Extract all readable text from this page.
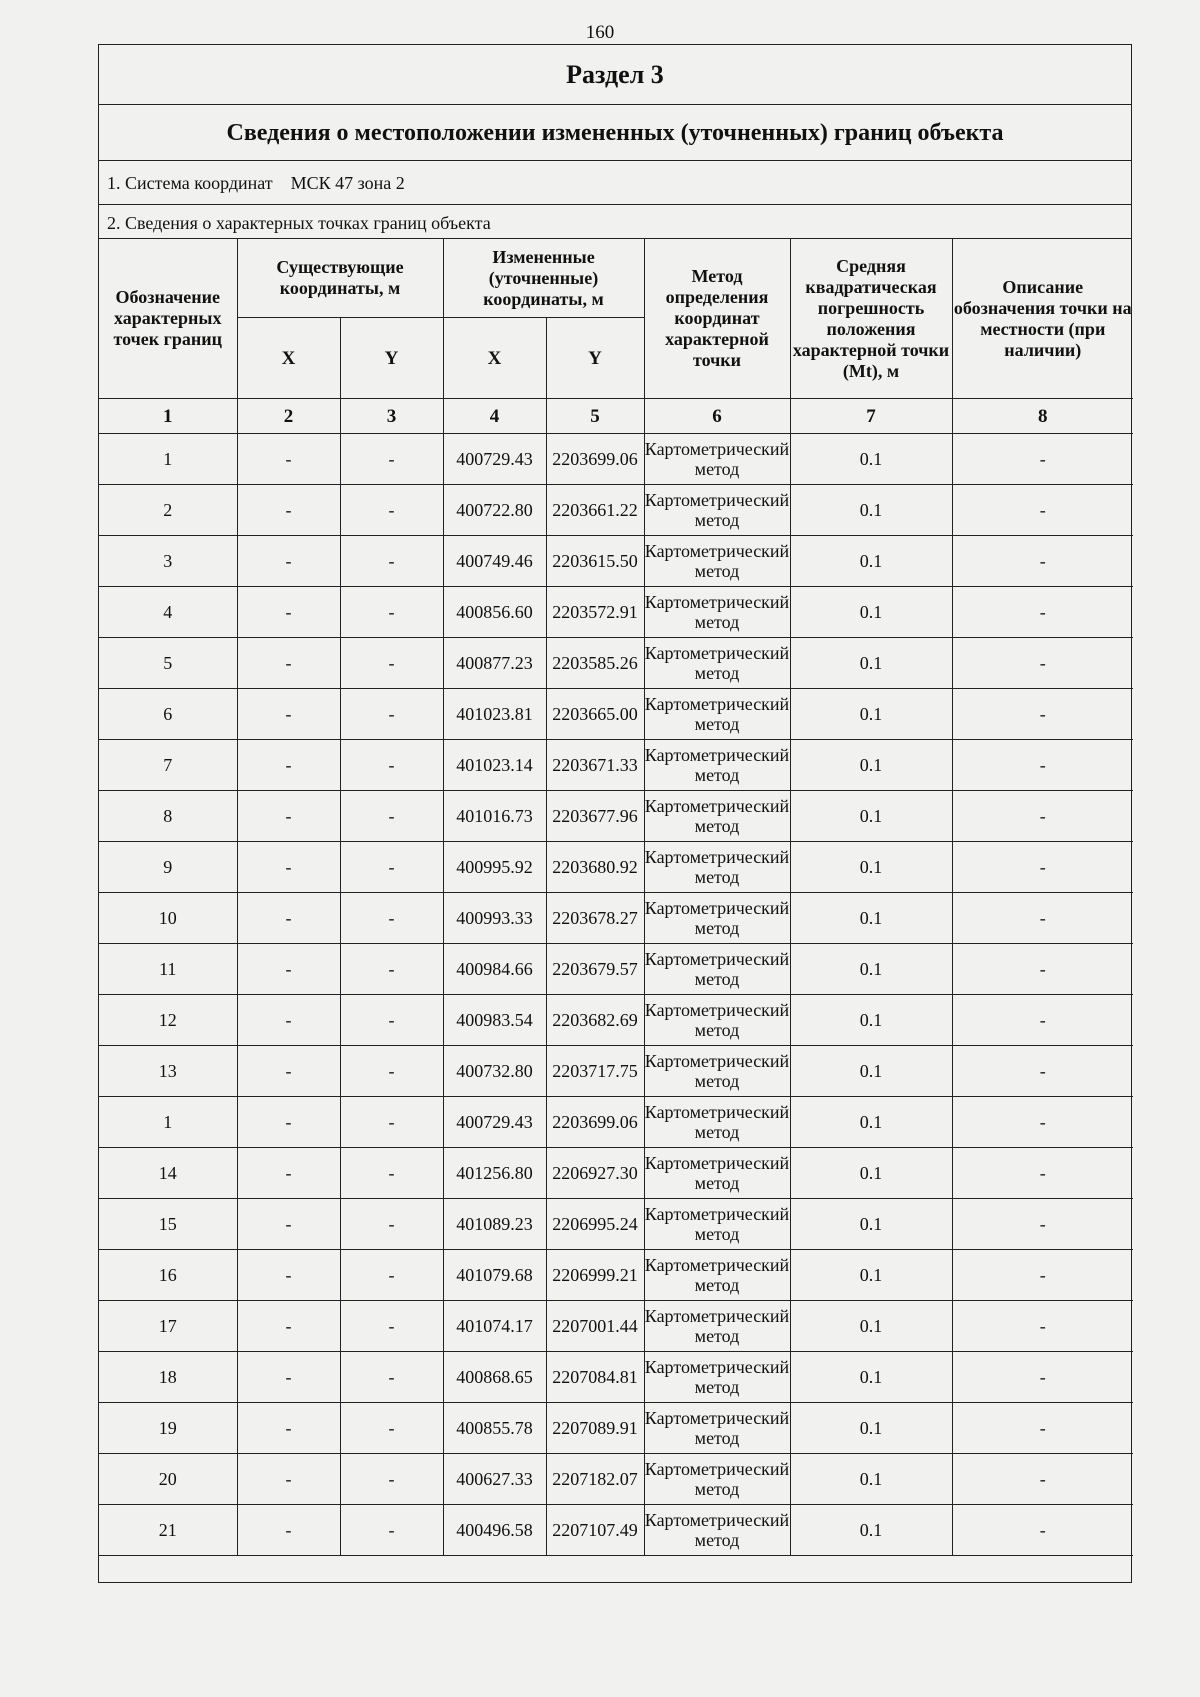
160
Раздел 3
Сведения о местоположении измененных (уточненных) границ объекта
1. Система координат МСК 47 зона 2
2. Сведения о характерных точках границ объекта
Обозначение характерных точек границ	Существующие координаты, м		Измененные (уточненные) координаты, м		Метод определения координат характерной точки	Средняя квадратическая погрешность положения характерной точки (Mt), м	Описание обозначения точки на местности (при наличии)
	X	Y	X	Y			
1	2	3	4	5	6	7	8
1	-	-	400729.43	2203699.06	Картометрический метод	0.1	-
2	-	-	400722.80	2203661.22	Картометрический метод	0.1	-
3	-	-	400749.46	2203615.50	Картометрический метод	0.1	-
4	-	-	400856.60	2203572.91	Картометрический метод	0.1	-
5	-	-	400877.23	2203585.26	Картометрический метод	0.1	-
6	-	-	401023.81	2203665.00	Картометрический метод	0.1	-
7	-	-	401023.14	2203671.33	Картометрический метод	0.1	-
8	-	-	401016.73	2203677.96	Картометрический метод	0.1	-
9	-	-	400995.92	2203680.92	Картометрический метод	0.1	-
10	-	-	400993.33	2203678.27	Картометрический метод	0.1	-
11	-	-	400984.66	2203679.57	Картометрический метод	0.1	-
12	-	-	400983.54	2203682.69	Картометрический метод	0.1	-
13	-	-	400732.80	2203717.75	Картометрический метод	0.1	-
1	-	-	400729.43	2203699.06	Картометрический метод	0.1	-
14	-	-	401256.80	2206927.30	Картометрический метод	0.1	-
15	-	-	401089.23	2206995.24	Картометрический метод	0.1	-
16	-	-	401079.68	2206999.21	Картометрический метод	0.1	-
17	-	-	401074.17	2207001.44	Картометрический метод	0.1	-
18	-	-	400868.65	2207084.81	Картометрический метод	0.1	-
19	-	-	400855.78	2207089.91	Картометрический метод	0.1	-
20	-	-	400627.33	2207182.07	Картометрический метод	0.1	-
21	-	-	400496.58	2207107.49	Картометрический метод	0.1	-
